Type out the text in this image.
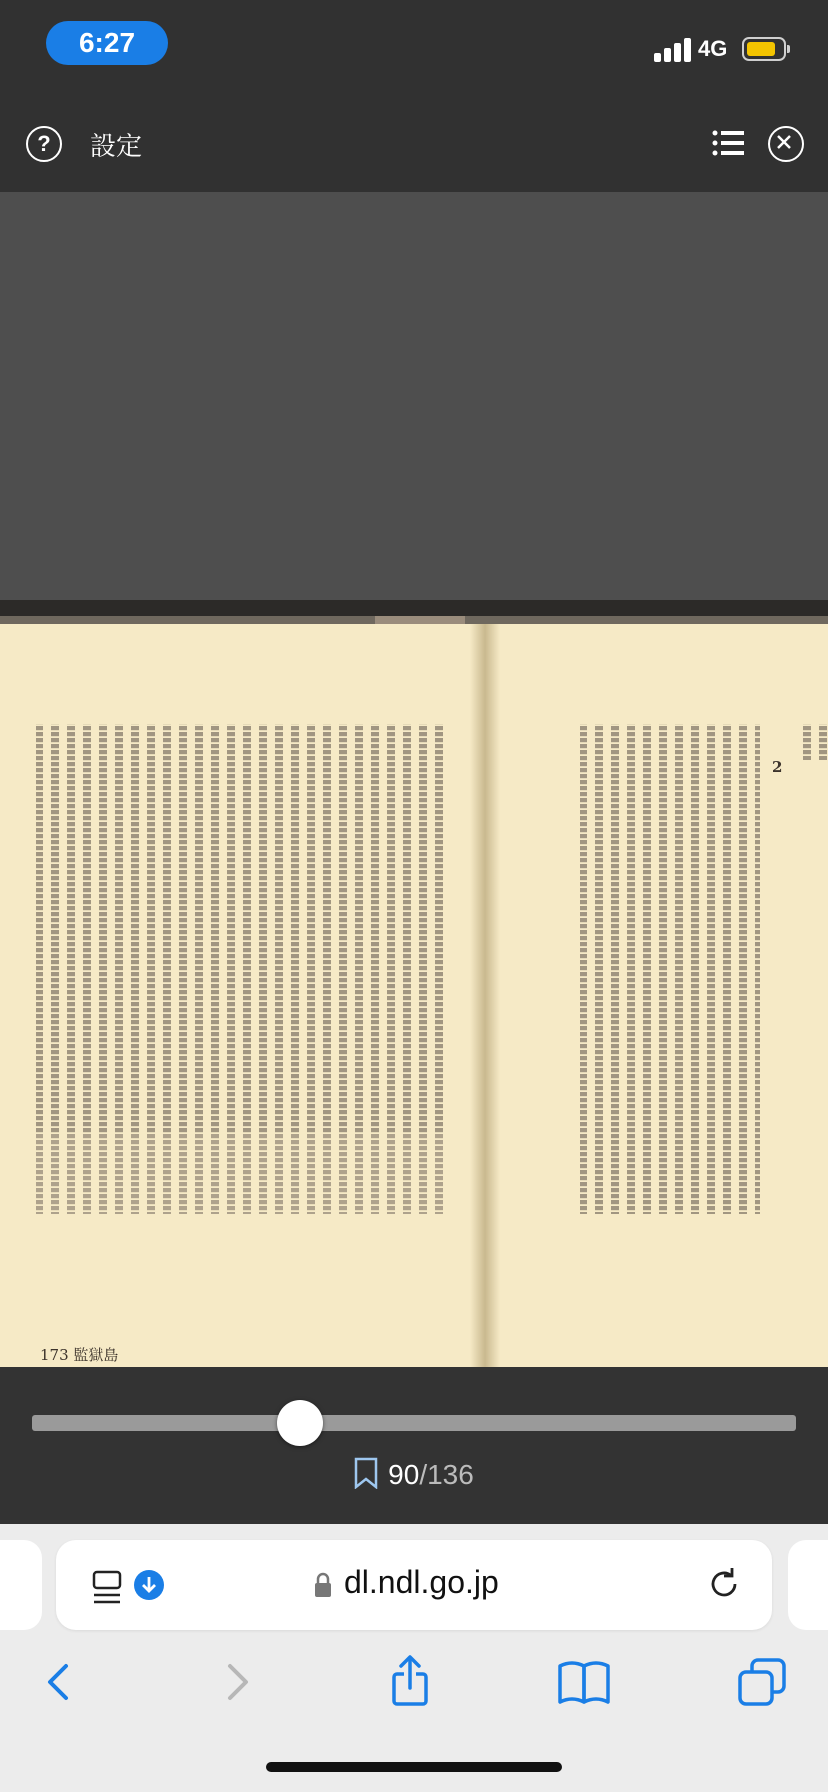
6:27	4G
?	設定
173 監獄島
2
90/136
dl.ndl.go.jp
